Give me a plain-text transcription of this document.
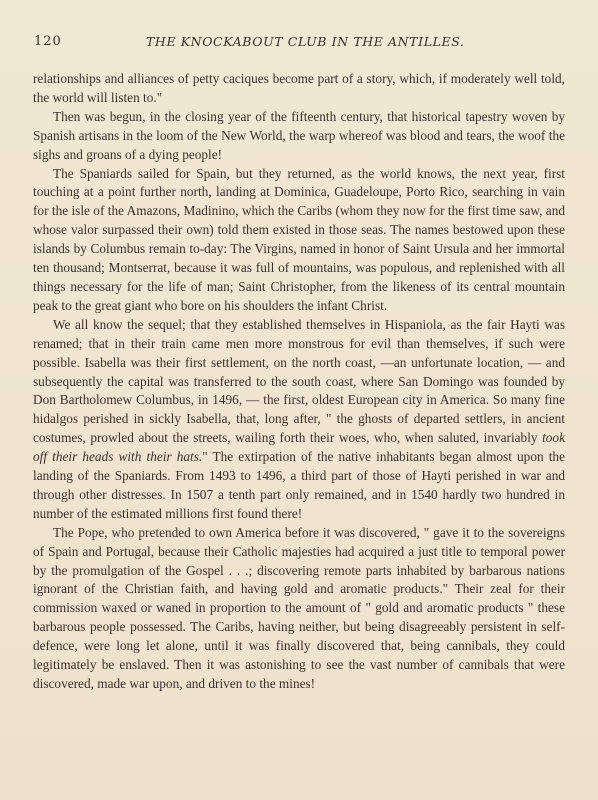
120	THE KNOCKABOUT CLUB IN THE ANTILLES.

relationships and alliances of petty caciques become part of a story, which, if moderately well told, the world will listen to."

Then was begun, in the closing year of the fifteenth century, that historical tapestry woven by Spanish artisans in the loom of the New World, the warp whereof was blood and tears, the woof the sighs and groans of a dying people!

The Spaniards sailed for Spain, but they returned, as the world knows, the next year, first touching at a point further north, landing at Dominica, Guadeloupe, Porto Rico, searching in vain for the isle of the Amazons, Madinino, which the Caribs (whom they now for the first time saw, and whose valor surpassed their own) told them existed in those seas. The names bestowed upon these islands by Columbus remain to-day: The Virgins, named in honor of Saint Ursula and her immortal ten thousand; Montserrat, because it was full of mountains, was populous, and replenished with all things necessary for the life of man; Saint Christopher, from the likeness of its central mountain peak to the great giant who bore on his shoulders the infant Christ.

We all know the sequel; that they established themselves in Hispaniola, as the fair Hayti was renamed; that in their train came men more monstrous for evil than themselves, if such were possible. Isabella was their first settlement, on the north coast, —an unfortunate location, — and subsequently the capital was transferred to the south coast, where San Domingo was founded by Don Bartholomew Columbus, in 1496, — the first, oldest European city in America. So many fine hidalgos perished in sickly Isabella, that, long after, " the ghosts of departed settlers, in ancient costumes, prowled about the streets, wailing forth their woes, who, when saluted, invariably took off their heads with their hats." The extirpation of the native inhabitants began almost upon the landing of the Spaniards. From 1493 to 1496, a third part of those of Hayti perished in war and through other distresses. In 1507 a tenth part only remained, and in 1540 hardly two hundred in number of the estimated millions first found there!

The Pope, who pretended to own America before it was discovered, " gave it to the sovereigns of Spain and Portugal, because their Catholic majesties had acquired a just title to temporal power by the promulgation of the Gospel . . .; discovering remote parts inhabited by barbarous nations ignorant of the Christian faith, and having gold and aromatic products." Their zeal for their commission waxed or waned in proportion to the amount of " gold and aromatic products " these barbarous people possessed. The Caribs, having neither, but being disagreeably persistent in self-defence, were long let alone, until it was finally discovered that, being cannibals, they could legitimately be enslaved. Then it was astonishing to see the vast number of cannibals that were discovered, made war upon, and driven to the mines!
